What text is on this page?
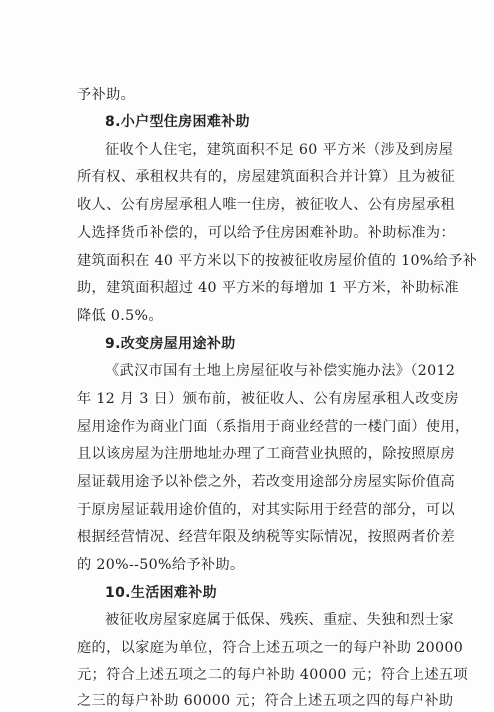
予补助。
8.小户型住房困难补助
征收个人住宅，建筑面积不足 60 平方米（涉及到房屋
所有权、承租权共有的，房屋建筑面积合并计算）且为被征
收人、公有房屋承租人唯一住房，被征收人、公有房屋承租
人选择货币补偿的，可以给予住房困难补助。补助标准为：
建筑面积在 40 平方米以下的按被征收房屋价值的 10%给予补
助，建筑面积超过 40 平方米的每增加 1 平方米，补助标准
降低 0.5%。
9.改变房屋用途补助
《武汉市国有土地上房屋征收与补偿实施办法》（2012
年 12 月 3 日）颁布前，被征收人、公有房屋承租人改变房
屋用途作为商业门面（系指用于商业经营的一楼门面）使用，
且以该房屋为注册地址办理了工商营业执照的，除按照原房
屋证载用途予以补偿之外，若改变用途部分房屋实际价值高
于原房屋证载用途价值的，对其实际用于经营的部分，可以
根据经营情况、经营年限及纳税等实际情况，按照两者价差
的 20%--50%给予补助。
10.生活困难补助
被征收房屋家庭属于低保、残疾、重症、失独和烈士家
庭的，以家庭为单位，符合上述五项之一的每户补助 20000
元；符合上述五项之二的每户补助 40000 元；符合上述五项
之三的每户补助 60000 元；符合上述五项之四的每户补助
